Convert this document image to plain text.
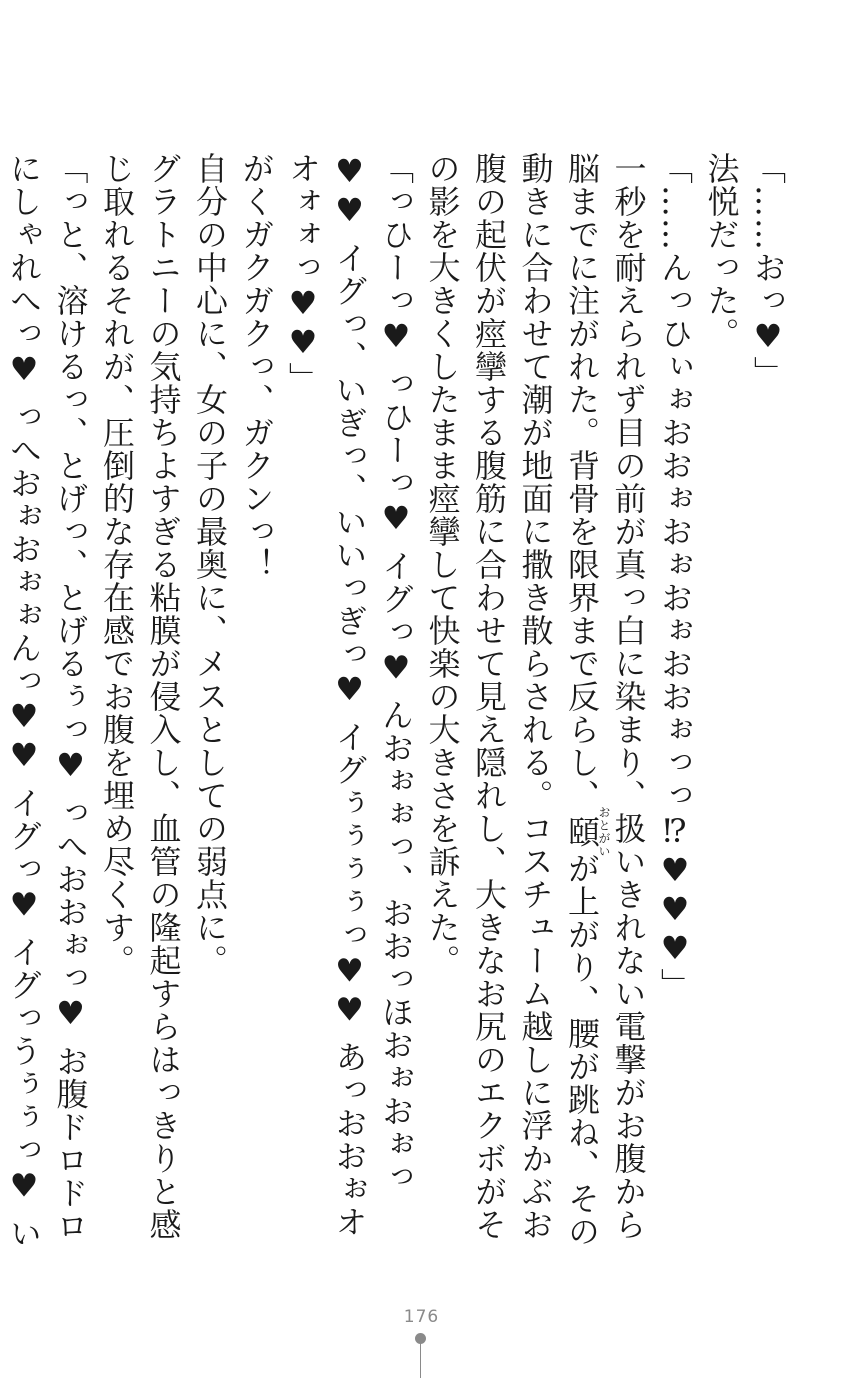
「……おっ♥」

法悦だった。

「……んっひぃぉおおぉおぉおぉおおぉっっ⁉♥♥♥」

一秒を耐えられず目の前が真っ白に染まり、扱いきれない電撃がお腹から脳までに注がれた。背骨を限界まで反らし、頤おとがいが上がり、腰が跳ね、その動きに合わせて潮が地面に撒き散らされる。コスチューム越しに浮かぶお腹の起伏が痙攣する腹筋に合わせて見え隠れし、大きなお尻のエクボがその影を大きくしたまま痙攣して快楽の大きさを訴えた。

「っひーっ♥ っひーっ♥ イグっ♥ んおぉぉっ、おおっほおぉおぉっ♥♥ イグっ、いぎっ、いいっぎっ♥ イグぅぅぅぅっ♥♥ あっおおぉオオォォっ♥♥」

がくガクガクっ、ガクンっ！

自分の中心に、女の子の最奥に、メスとしての弱点に。

グラトニーの気持ちよすぎる粘膜が侵入し、血管の隆起すらはっきりと感じ取れるそれが、圧倒的な存在感でお腹を埋め尽くす。

「っと、溶けるっ、とげっ、とげるぅっ♥ っへおおぉっ♥ お腹ドロドロにしゃれへっ♥ っへおぉおぉぉんっ♥♥ イグっ♥ イグっうぅぅっ♥ い

176
